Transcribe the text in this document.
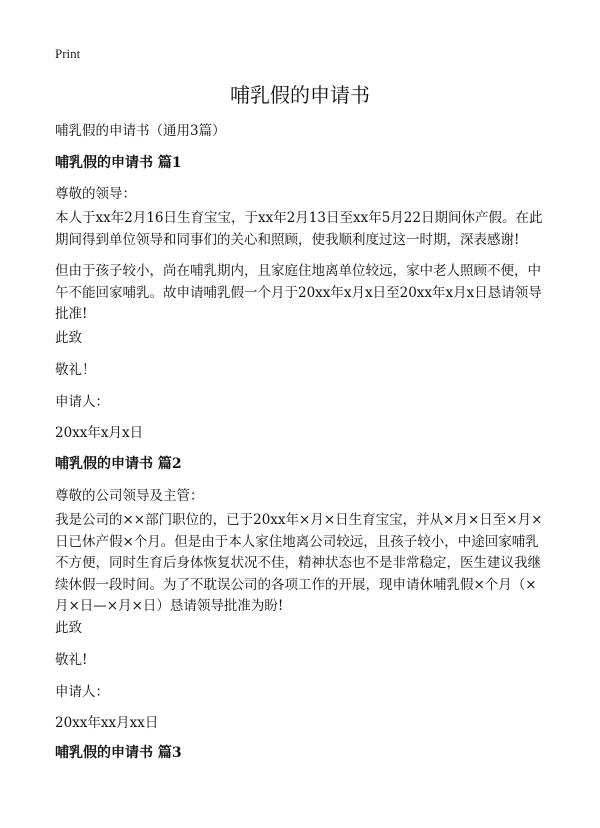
Print
哺乳假的申请书

哺乳假的申请书（通用3篇）

哺乳假的申请书 篇1

尊敬的领导：

本人于xx年2月16日生育宝宝，于xx年2月13日至xx年5月22日期间休产假。在此期间得到单位领导和同事们的关心和照顾，使我顺利度过这一时期，深表感谢!

但由于孩子较小，尚在哺乳期内，且家庭住地离单位较远，家中老人照顾不便，中午不能回家哺乳。故申请哺乳假一个月于20xx年x月x日至20xx年x月x日恳请领导批准!

此致

敬礼！

申请人：

20xx年x月x日

哺乳假的申请书 篇2

尊敬的公司领导及主管：

我是公司的××部门职位的，已于20xx年×月×日生育宝宝，并从×月×日至×月×日已休产假×个月。但是由于本人家住地离公司较远，且孩子较小，中途回家哺乳不方便，同时生育后身体恢复状况不佳，精神状态也不是非常稳定，医生建议我继续休假一段时间。为了不耽误公司的各项工作的开展，现申请休哺乳假×个月（×月×日—×月×日）恳请领导批准为盼!

此致

敬礼!

申请人：

20xx年xx月xx日

哺乳假的申请书 篇3
